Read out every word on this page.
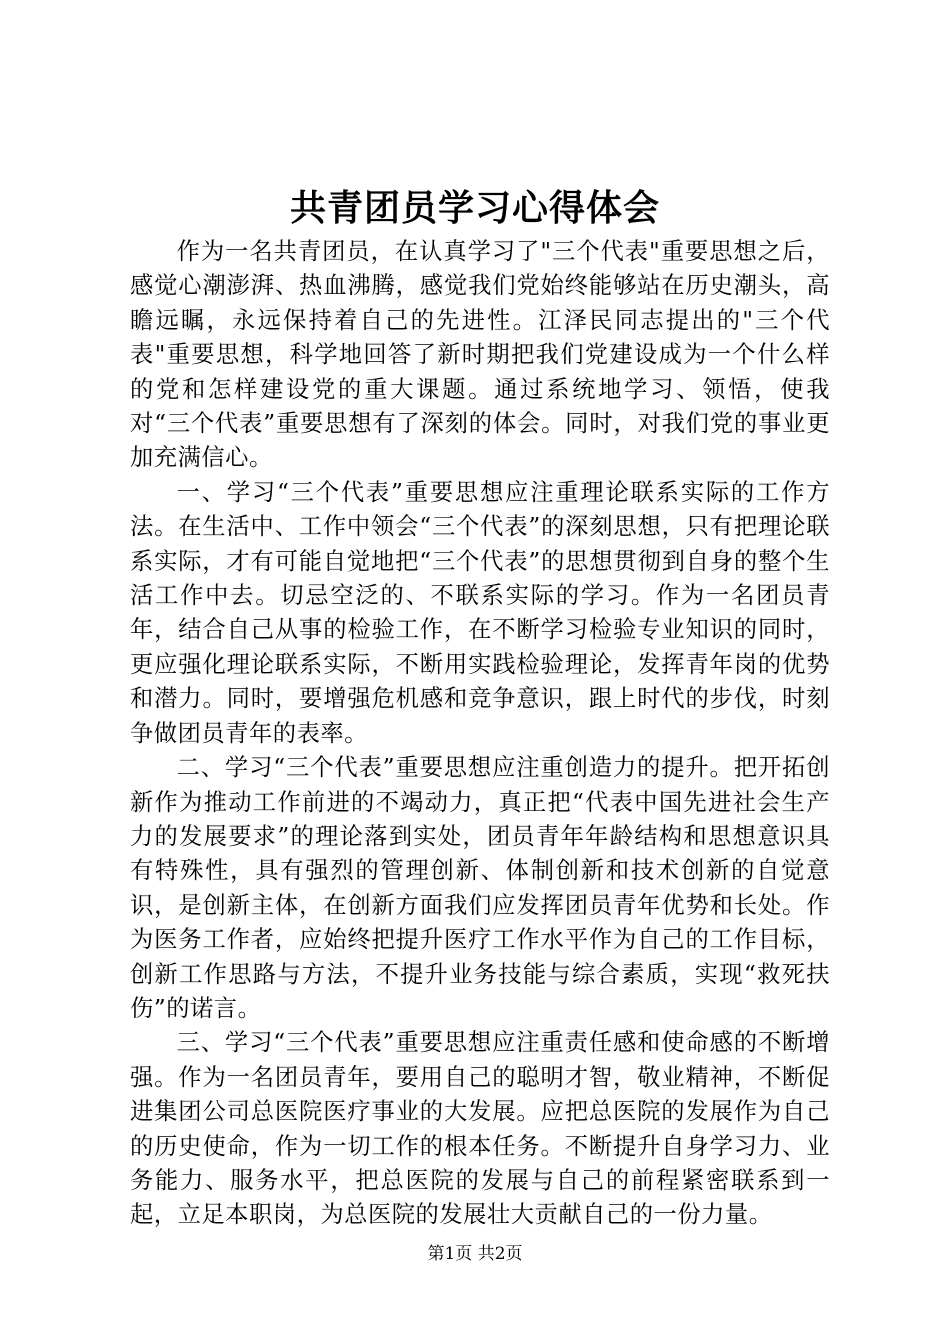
共青团员学习心得体会

作为一名共青团员，在认真学习了"三个代表"重要思想之后，感觉心潮澎湃、热血沸腾，感觉我们党始终能够站在历史潮头，高瞻远瞩，永远保持着自己的先进性。江泽民同志提出的"三个代表"重要思想，科学地回答了新时期把我们党建设成为一个什么样的党和怎样建设党的重大课题。通过系统地学习、领悟，使我对“三个代表”重要思想有了深刻的体会。同时，对我们党的事业更加充满信心。

一、学习“三个代表”重要思想应注重理论联系实际的工作方法。在生活中、工作中领会“三个代表”的深刻思想，只有把理论联系实际，才有可能自觉地把“三个代表”的思想贯彻到自身的整个生活工作中去。切忌空泛的、不联系实际的学习。作为一名团员青年，结合自己从事的检验工作，在不断学习检验专业知识的同时，更应强化理论联系实际，不断用实践检验理论，发挥青年岗的优势和潜力。同时，要增强危机感和竞争意识，跟上时代的步伐，时刻争做团员青年的表率。

二、学习“三个代表”重要思想应注重创造力的提升。把开拓创新作为推动工作前进的不竭动力，真正把“代表中国先进社会生产力的发展要求”的理论落到实处，团员青年年龄结构和思想意识具有特殊性，具有强烈的管理创新、体制创新和技术创新的自觉意识，是创新主体，在创新方面我们应发挥团员青年优势和长处。作为医务工作者，应始终把提升医疗工作水平作为自己的工作目标，创新工作思路与方法，不提升业务技能与综合素质，实现“救死扶伤”的诺言。

三、学习“三个代表”重要思想应注重责任感和使命感的不断增强。作为一名团员青年，要用自己的聪明才智，敬业精神，不断促进集团公司总医院医疗事业的大发展。应把总医院的发展作为自己的历史使命，作为一切工作的根本任务。不断提升自身学习力、业务能力、服务水平，把总医院的发展与自己的前程紧密联系到一起，立足本职岗，为总医院的发展壮大贡献自己的一份力量。

第1页 共2页
